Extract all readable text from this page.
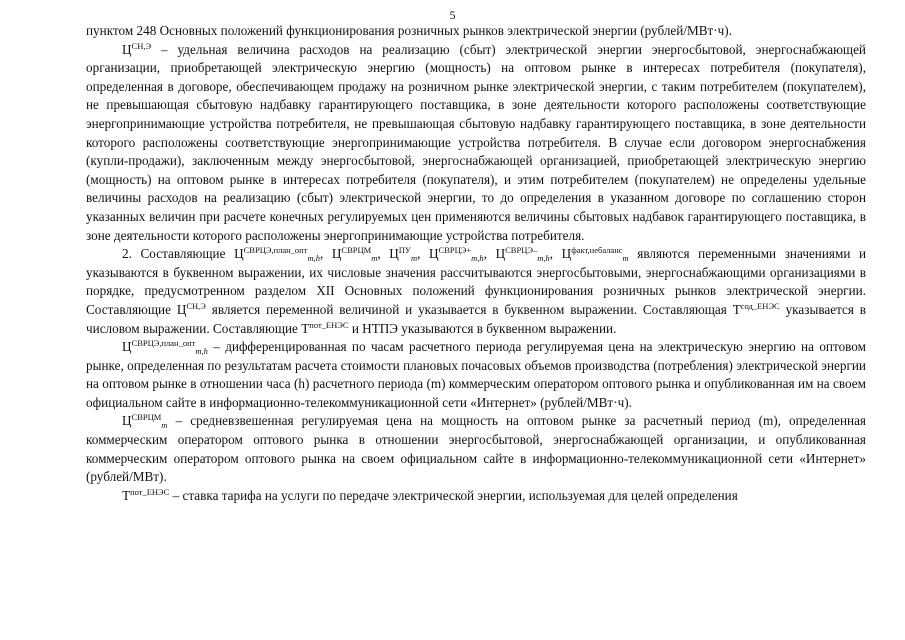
5

пунктом 248 Основных положений функционирования розничных рынков электрической энергии (рублей/МВт·ч).

$Ц^{СН,Э}$ – удельная величина расходов на реализацию (сбыт) электрической энергии энергосбытовой, энергоснабжающей организации, приобретающей электрическую энергию (мощность) на оптовом рынке в интересах потребителя (покупателя), определенная в договоре, обеспечивающем продажу на розничном рынке электрической энергии, с таким потребителем (покупателем), не превышающая сбытовую надбавку гарантирующего поставщика, в зоне деятельности которого расположены соответствующие энергопринимающие устройства потребителя, не превышающая сбытовую надбавку гарантирующего поставщика, в зоне деятельности которого расположены соответствующие энергопринимающие устройства потребителя. В случае если договором энергоснабжения (купли-продажи), заключенным между энергосбытовой, энергоснабжающей организацией, приобретающей электрическую энергию (мощность) на оптовом рынке в интересах потребителя (покупателя), и этим потребителем (покупателем) не определены удельные величины расходов на реализацию (сбыт) электрической энергии, то до определения в указанном договоре по соглашению сторон указанных величин при расчете конечных регулируемых цен применяются величины сбытовых надбавок гарантирующего поставщика, в зоне деятельности которого расположены энергопринимающие устройства потребителя.

2. Составляющие $Ц^{СВРЦЭ,план\_опт}_{m,h}$, $Ц^{СВРЦМ}_m$, $Ц^{ПУ}_m$, $Ц^{СВРЦЭ+}_{m,h}$, $Ц^{СВРЦЭ-}_{m,h}$, $Ц^{факт,небаланс}_m$ являются переменными значениями и указываются в буквенном выражении, их числовые значения рассчитываются энергосбытовыми, энергоснабжающими организациями в порядке, предусмотренном разделом XII Основных положений функционирования розничных рынков электрической энергии. Составляющие $Ц^{СН,Э}$ является переменной величиной и указывается в буквенном выражении. Составляющая $Т^{сод\_ЕНЭС}$ указывается в числовом выражении. Составляющие $Т^{пот\_ЕНЭС}$ и НТПЭ указываются в буквенном выражении.

$Ц^{СВРЦЭ,план\_опт}_{m,h}$ – дифференцированная по часам расчетного периода регулируемая цена на электрическую энергию на оптовом рынке, определенная по результатам расчета стоимости плановых почасовых объемов производства (потребления) электрической энергии на оптовом рынке в отношении часа (h) расчетного периода (m) коммерческим оператором оптового рынка и опубликованная им на своем официальном сайте в информационно-телекоммуникационной сети «Интернет» (рублей/МВт·ч).

$Ц^{СВРЦМ}_m$ – средневзвешенная регулируемая цена на мощность на оптовом рынке за расчетный период (m), определенная коммерческим оператором оптового рынка в отношении энергосбытовой, энергоснабжающей организации, и опубликованная коммерческим оператором оптового рынка на своем официальном сайте в информационно-телекоммуникационной сети «Интернет» (рублей/МВт).

$Т^{пот\_ЕНЭС}$ – ставка тарифа на услуги по передаче электрической энергии, используемая для целей определения
